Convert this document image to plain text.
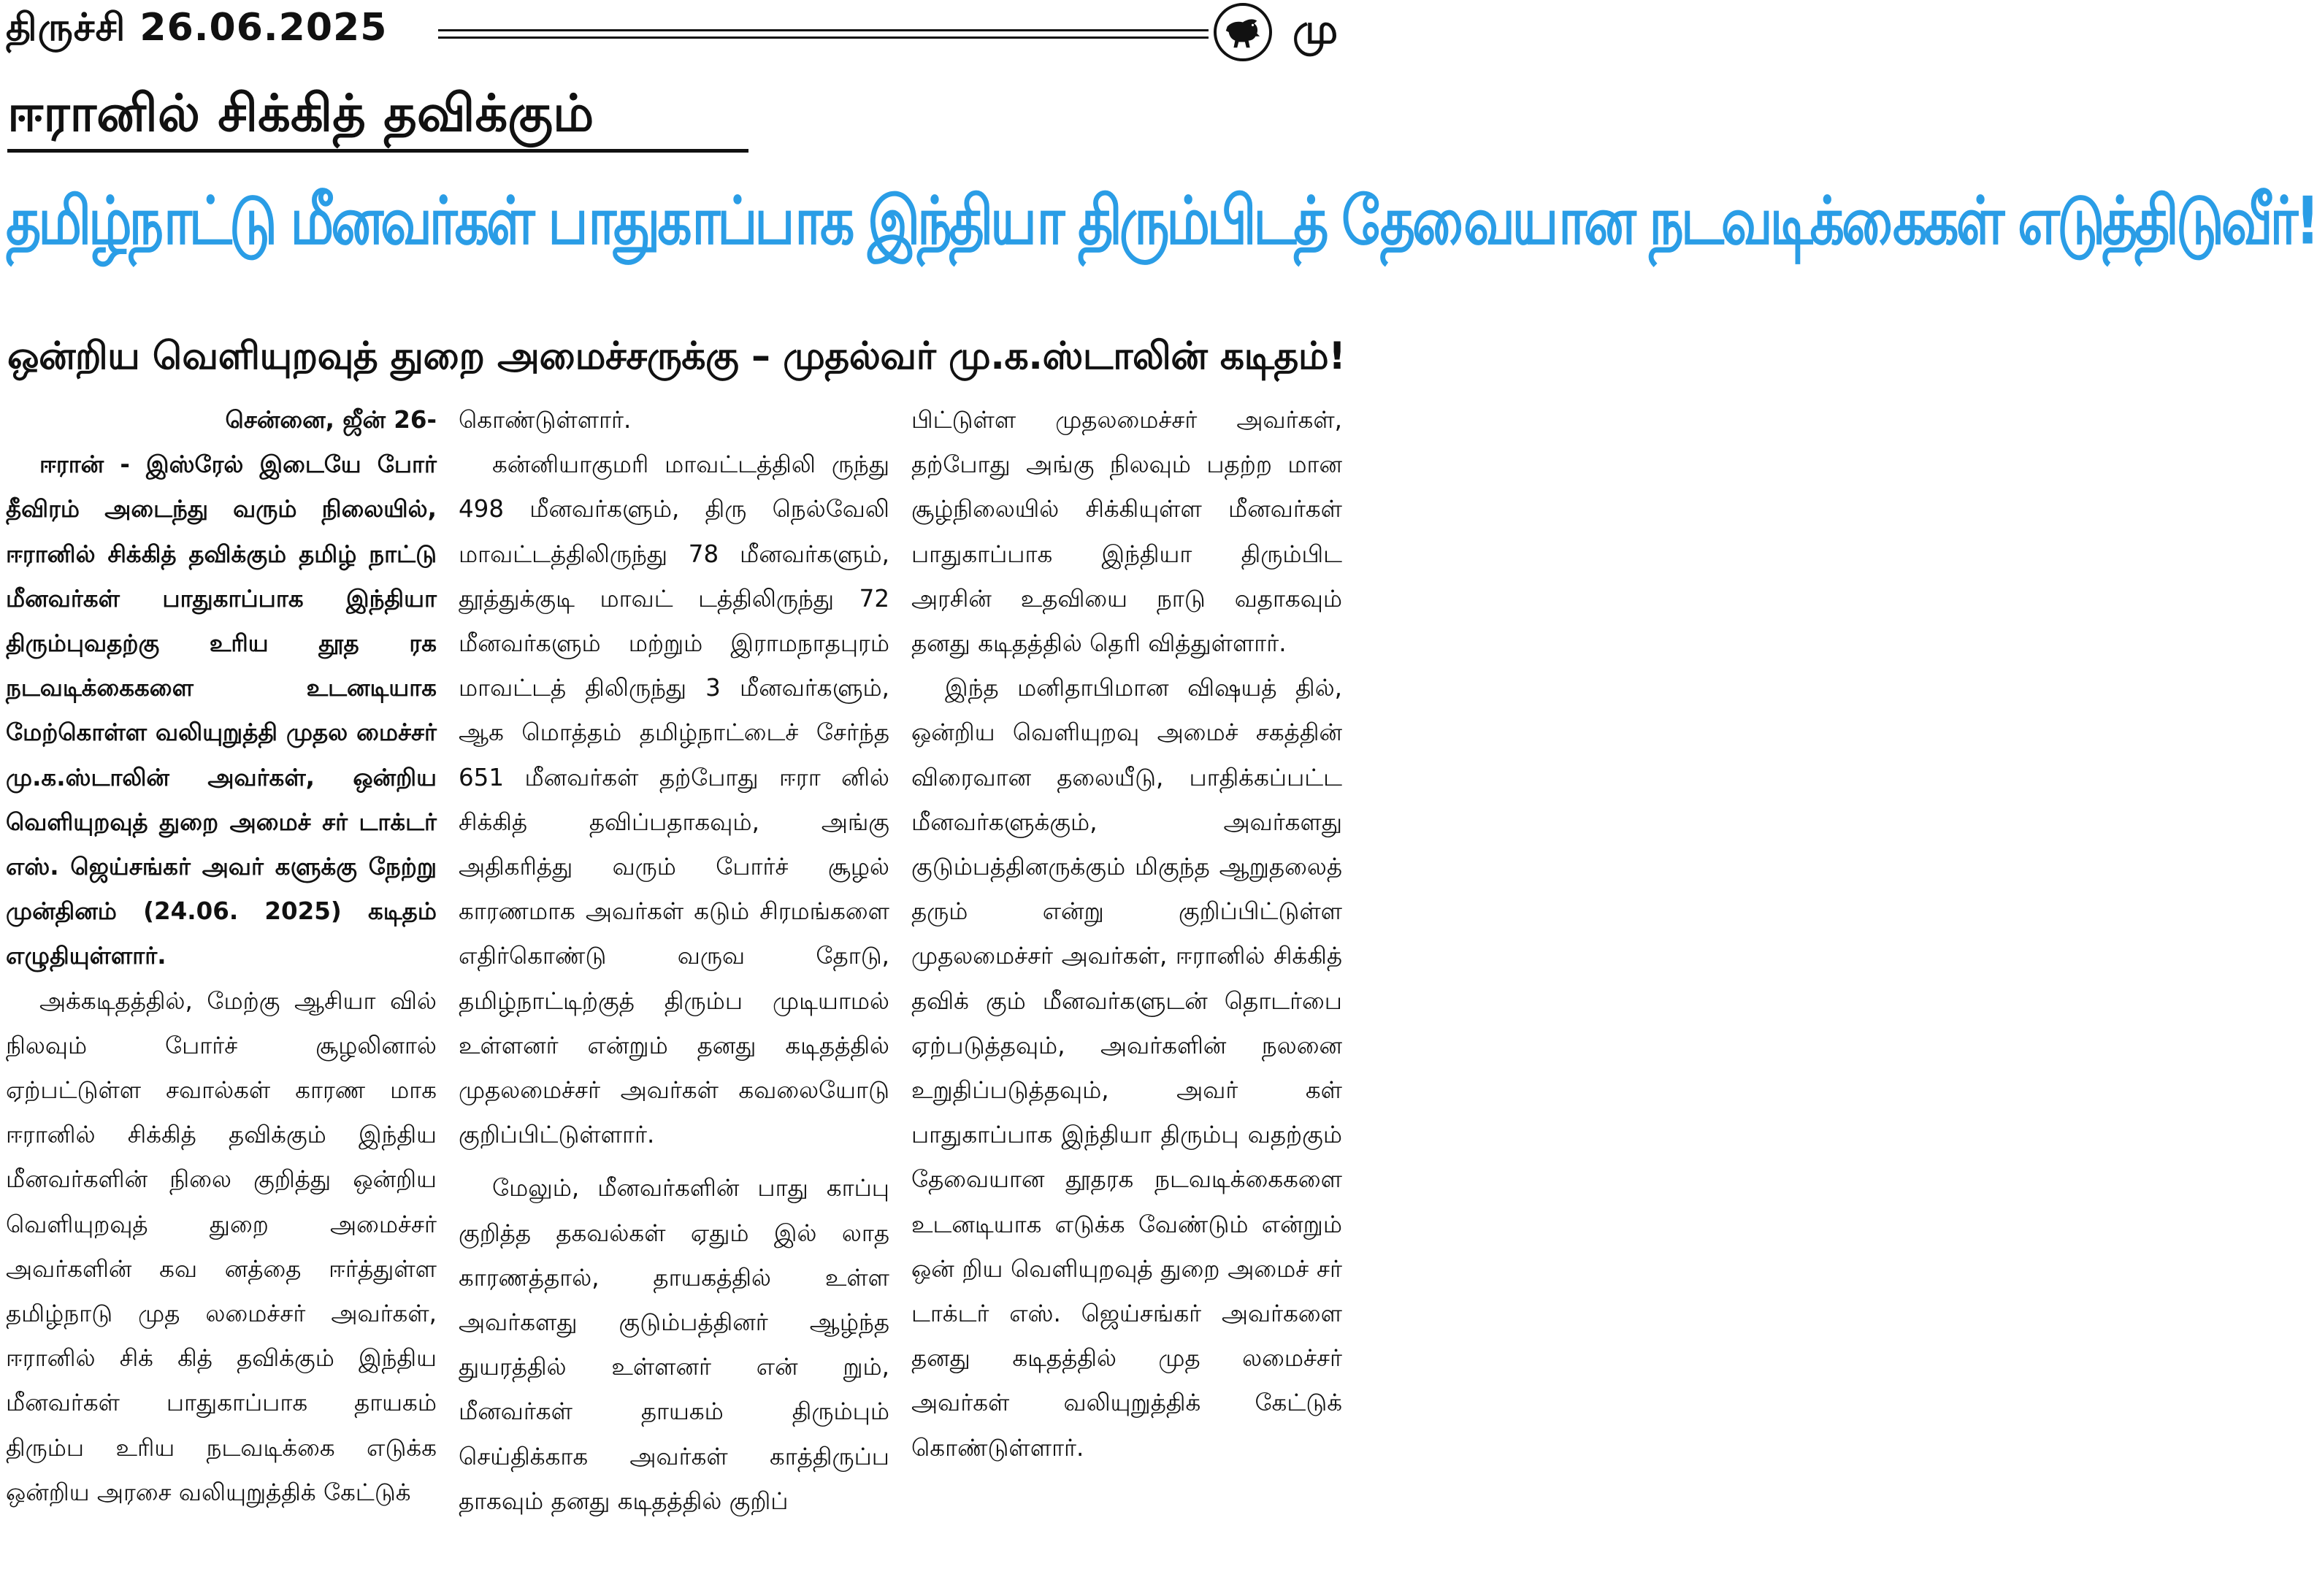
திருச்சி 26.06.2025	மு
ஈரானில் சிக்கித் தவிக்கும்
தமிழ்நாட்டு மீனவர்கள் பாதுகாப்பாக இந்தியா திரும்பிடத் தேவையான நடவடிக்கைகள் எடுத்திடுவீர்!
ஒன்றிய வெளியுறவுத் துறை அமைச்சருக்கு – முதல்வர் மு.க.ஸ்டாலின் கடிதம்!

சென்னை, ஜீன் 26-

ஈரான் - இஸ்ரேல் இடையே போர் தீவிரம் அடைந்து வரும் நிலையில், ஈரானில் சிக்கித் தவிக்கும் தமிழ் நாட்டு மீனவர்கள் பாதுகாப்பாக இந்தியா திரும்புவதற்கு உரிய தூத ரக நடவடிக்கைகளை உடனடியாக மேற்கொள்ள வலியுறுத்தி முதல மைச்சர் மு.க.ஸ்டாலின் அவர்கள், ஒன்றிய வெளியுறவுத் துறை அமைச் சர் டாக்டர் எஸ். ஜெய்சங்கர் அவர் களுக்கு நேற்று முன்தினம் (24.06. 2025) கடிதம் எழுதியுள்ளார்.

அக்கடிதத்தில், மேற்கு ஆசியா வில் நிலவும் போர்ச் சூழலினால் ஏற்பட்டுள்ள சவால்கள் காரண மாக ஈரானில் சிக்கித் தவிக்கும் இந்திய மீனவர்களின் நிலை குறித்து ஒன்றிய வெளியுறவுத் துறை அமைச்சர் அவர்களின் கவ னத்தை ஈர்த்துள்ள தமிழ்நாடு முத லமைச்சர் அவர்கள், ஈரானில் சிக் கித் தவிக்கும் இந்திய மீனவர்கள் பாதுகாப்பாக தாயகம் திரும்ப உரிய நடவடிக்கை எடுக்க ஒன்றிய அரசை வலியுறுத்திக் கேட்டுக்

கொண்டுள்ளார்.

கன்னியாகுமரி மாவட்டத்திலி ருந்து 498 மீனவர்களும், திரு நெல்வேலி மாவட்டத்திலிருந்து 78 மீனவர்களும், தூத்துக்குடி மாவட் டத்திலிருந்து 72 மீனவர்களும் மற்றும் இராமநாதபுரம் மாவட்டத் திலிருந்து 3 மீனவர்களும், ஆக மொத்தம் தமிழ்நாட்டைச் சேர்ந்த 651 மீனவர்கள் தற்போது ஈரா னில் சிக்கித் தவிப்பதாகவும், அங்கு அதிகரித்து வரும் போர்ச் சூழல் காரணமாக அவர்கள் கடும் சிரமங்களை எதிர்கொண்டு வருவ தோடு, தமிழ்நாட்டிற்குத் திரும்ப முடியாமல் உள்ளனர் என்றும் தனது கடிதத்தில் முதலமைச்சர் அவர்கள் கவலையோடு குறிப்பிட்டுள்ளார்.

மேலும், மீனவர்களின் பாது காப்பு குறித்த தகவல்கள் ஏதும் இல் லாத காரணத்தால், தாயகத்தில் உள்ள அவர்களது குடும்பத்தினர் ஆழ்ந்த துயரத்தில் உள்ளனர் என் றும், மீனவர்கள் தாயகம் திரும்பும் செய்திக்காக அவர்கள் காத்திருப்ப தாகவும் தனது கடிதத்தில் குறிப்

பிட்டுள்ள முதலமைச்சர் அவர்கள், தற்போது அங்கு நிலவும் பதற்ற மான சூழ்நிலையில் சிக்கியுள்ள மீனவர்கள் பாதுகாப்பாக இந்தியா திரும்பிட அரசின் உதவியை நாடு வதாகவும் தனது கடிதத்தில் தெரி வித்துள்ளார்.

இந்த மனிதாபிமான விஷயத் தில், ஒன்றிய வெளியுறவு அமைச் சகத்தின் விரைவான தலையீடு, பாதிக்கப்பட்ட மீனவர்களுக்கும், அவர்களது குடும்பத்தினருக்கும் மிகுந்த ஆறுதலைத் தரும் என்று குறிப்பிட்டுள்ள முதலமைச்சர் அவர்கள், ஈரானில் சிக்கித் தவிக் கும் மீனவர்களுடன் தொடர்பை ஏற்படுத்தவும், அவர்களின் நலனை உறுதிப்படுத்தவும், அவர் கள் பாதுகாப்பாக இந்தியா திரும்பு வதற்கும் தேவையான தூதரக நடவடிக்கைகளை உடனடியாக எடுக்க வேண்டும் என்றும் ஒன் றிய வெளியுறவுத் துறை அமைச் சர் டாக்டர் எஸ். ஜெய்சங்கர் அவர்களை தனது கடிதத்தில் முத லமைச்சர் அவர்கள் வலியுறுத்திக் கேட்டுக் கொண்டுள்ளார்.
